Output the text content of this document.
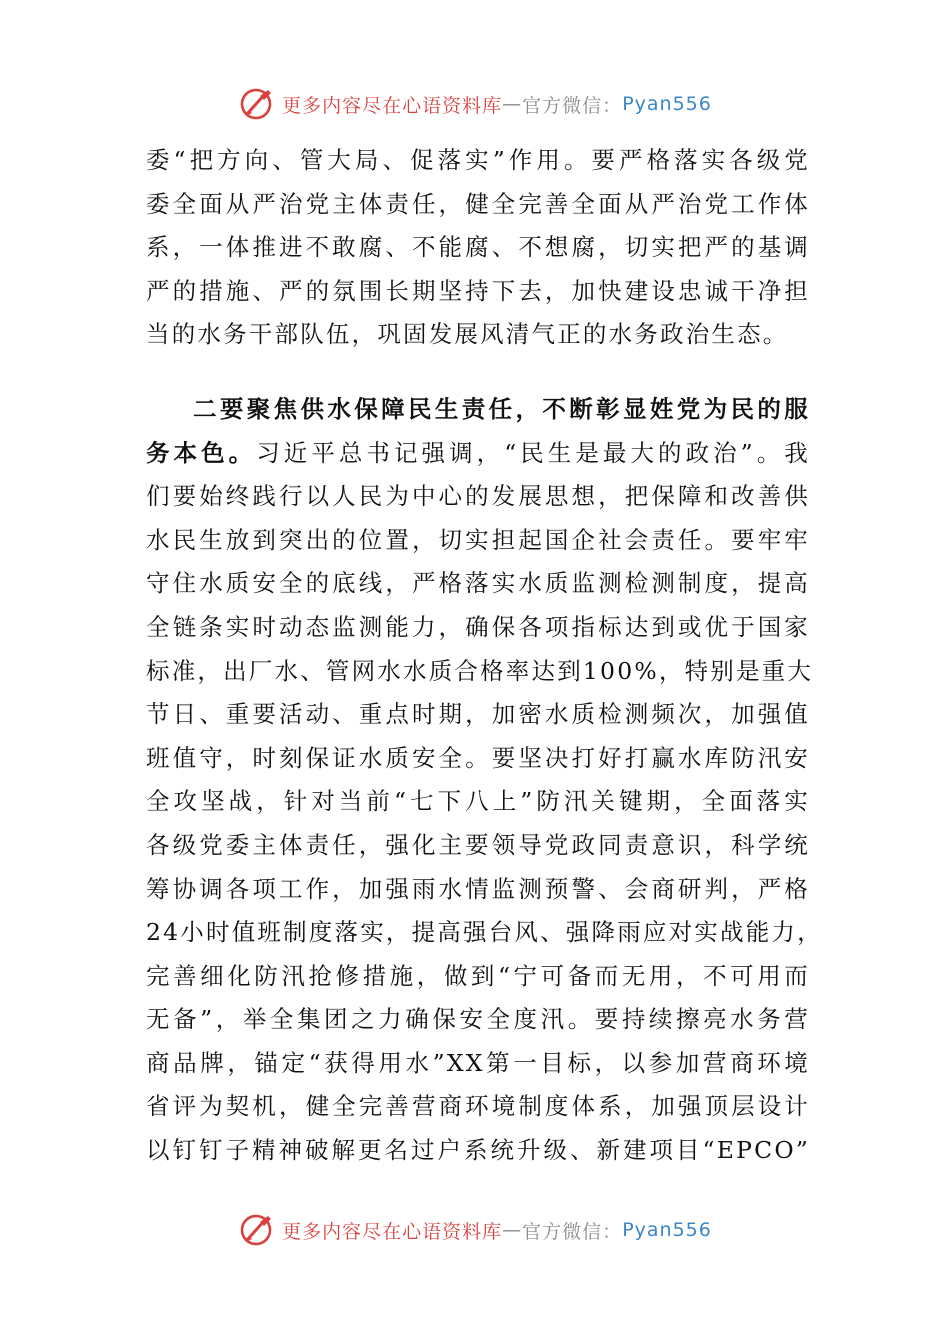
更多内容尽在心语资料库 — 官方微信： Pyan556
委“把方向、管大局、促落实”作用。要严格落实各级党
委全面从严治党主体责任，健全完善全面从严治党工作体
系，一体推进不敢腐、不能腐、不想腐，切实把严的基调
严的措施、严的氛围长期坚持下去，加快建设忠诚干净担
当的水务干部队伍，巩固发展风清气正的水务政治生态。
二要聚焦供水保障民生责任，不断彰显姓党为民的服
务本色。习近平总书记强调，“民生是最大的政治”。我
们要始终践行以人民为中心的发展思想，把保障和改善供
水民生放到突出的位置，切实担起国企社会责任。要牢牢
守住水质安全的底线，严格落实水质监测检测制度，提高
全链条实时动态监测能力，确保各项指标达到或优于国家
标准，出厂水、管网水水质合格率达到100%，特别是重大
节日、重要活动、重点时期，加密水质检测频次，加强值
班值守，时刻保证水质安全。要坚决打好打赢水库防汛安
全攻坚战，针对当前“七下八上”防汛关键期，全面落实
各级党委主体责任，强化主要领导党政同责意识，科学统
筹协调各项工作，加强雨水情监测预警、会商研判，严格
24小时值班制度落实，提高强台风、强降雨应对实战能力，
完善细化防汛抢修措施，做到“宁可备而无用，不可用而
无备”，举全集团之力确保安全度汛。要持续擦亮水务营
商品牌，锚定“获得用水”XX第一目标，以参加营商环境
省评为契机，健全完善营商环境制度体系，加强顶层设计
以钉钉子精神破解更名过户系统升级、新建项目“EPCO”
更多内容尽在心语资料库 — 官方微信： Pyan556
